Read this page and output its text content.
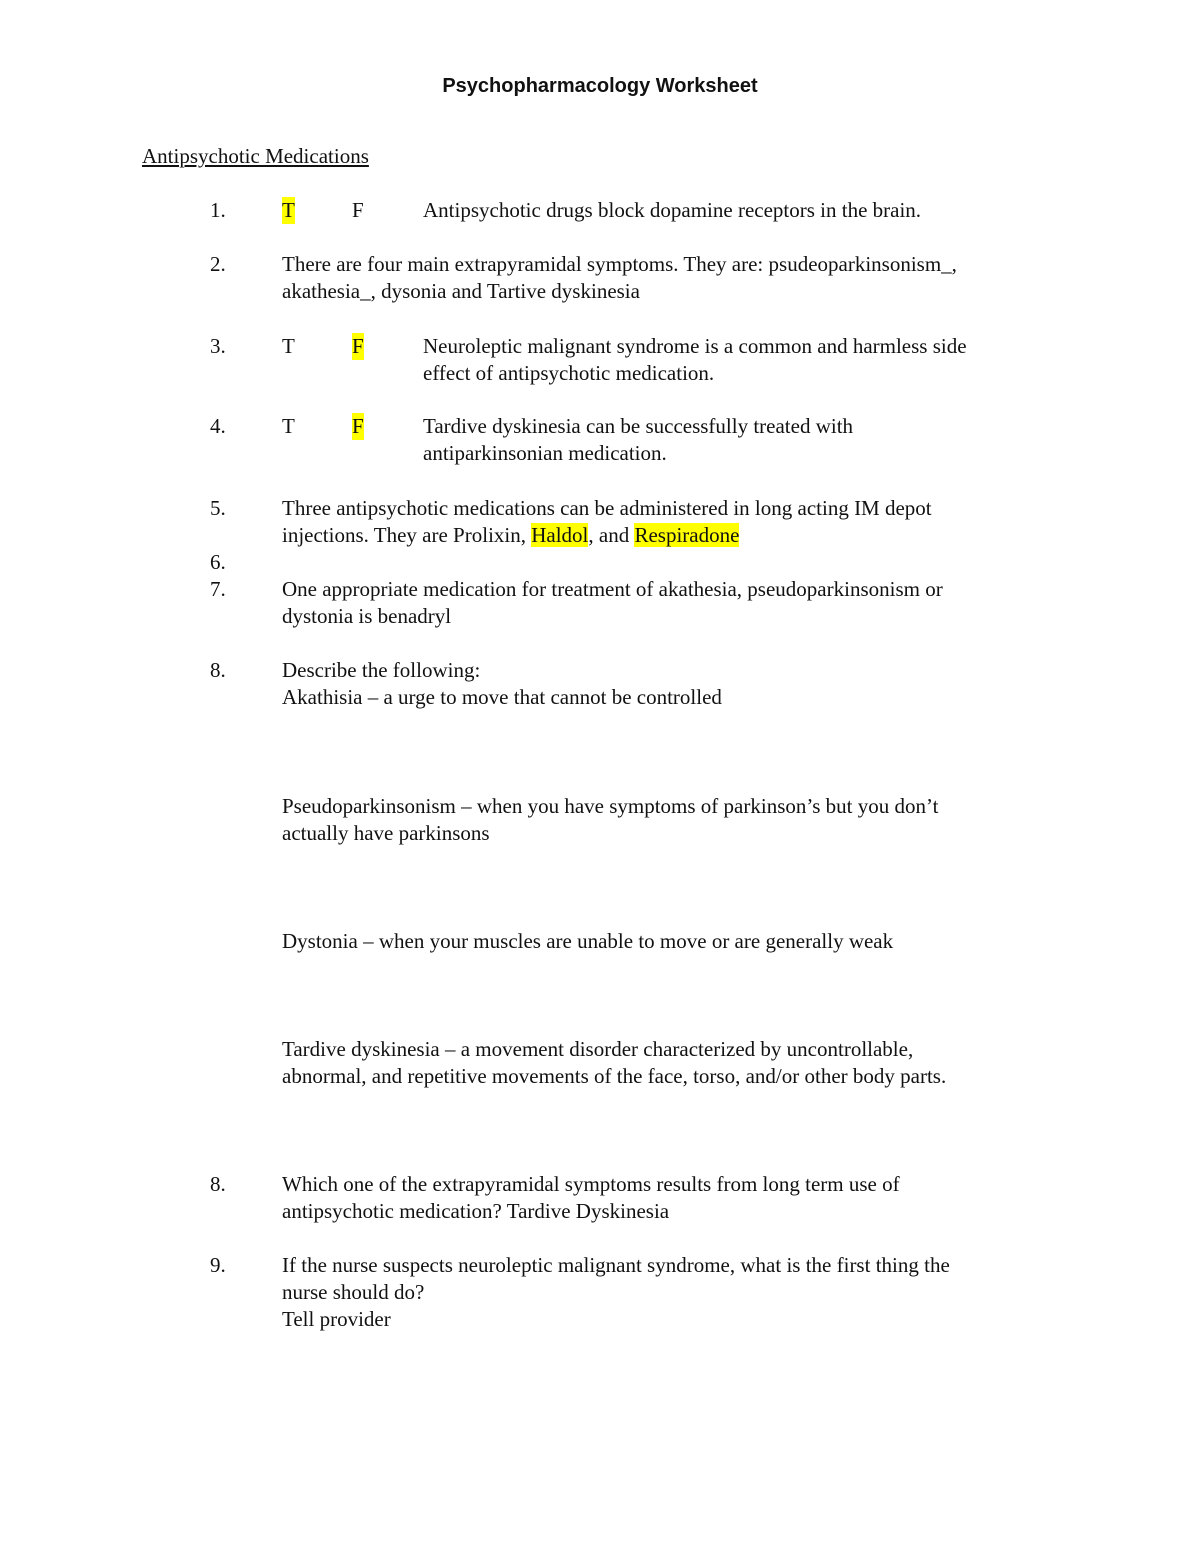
Psychopharmacology Worksheet
Antipsychotic Medications
1.	T	F	Antipsychotic drugs block dopamine receptors in the brain.
2.	There are four main extrapyramidal symptoms. They are: psudeoparkinsonism_,
akathesia_, dysonia and Tartive dyskinesia
3.	T	F	Neuroleptic malignant syndrome is a common and harmless side
effect of antipsychotic medication.
4.	T	F	Tardive dyskinesia can be successfully treated with
antiparkinsonian medication.
5.	Three antipsychotic medications can be administered in long acting IM depot
injections. They are Prolixin, Haldol, and Respiradone
6.
7.	One appropriate medication for treatment of akathesia, pseudoparkinsonism or
dystonia is benadryl
8.	Describe the following:
Akathisia – a urge to move that cannot be controlled
Pseudoparkinsonism – when you have symptoms of parkinson’s but you don’t
actually have parkinsons
Dystonia – when your muscles are unable to move or are generally weak
Tardive dyskinesia – a movement disorder characterized by uncontrollable,
abnormal, and repetitive movements of the face, torso, and/or other body parts.
8.	Which one of the extrapyramidal symptoms results from long term use of
antipsychotic medication? Tardive Dyskinesia
9.	If the nurse suspects neuroleptic malignant syndrome, what is the first thing the
nurse should do?
Tell provider
